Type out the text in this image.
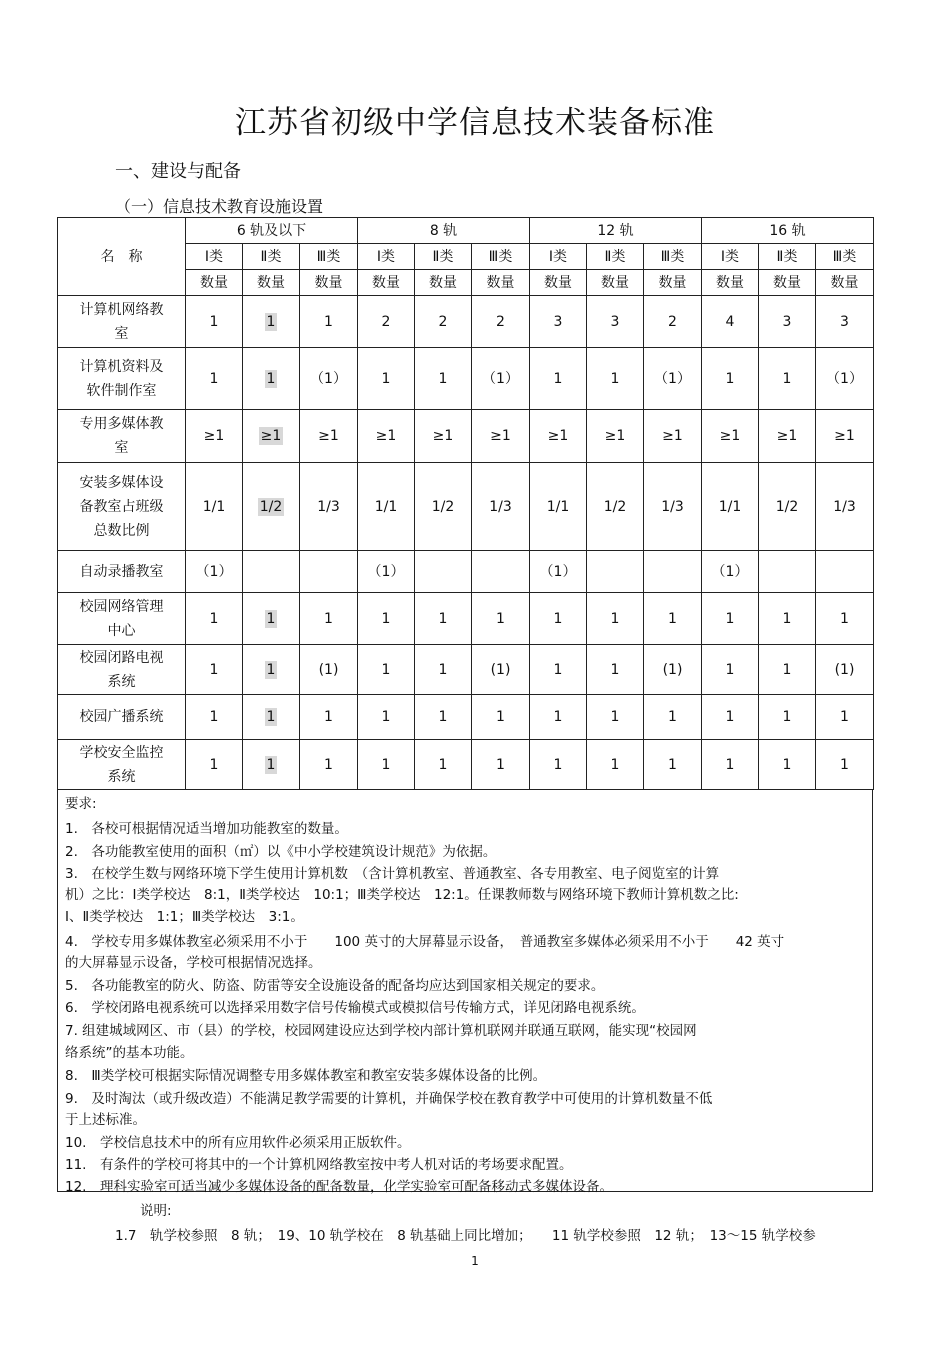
江苏省初级中学信息技术装备标准
一、建设与配备
（一）信息技术教育设施设置
名　称	6 轨及以下			8 轨			12 轨			16 轨		
	Ⅰ类	Ⅱ类	Ⅲ类	Ⅰ类	Ⅱ类	Ⅲ类	Ⅰ类	Ⅱ类	Ⅲ类	Ⅰ类	Ⅱ类	Ⅲ类
	数量	数量	数量	数量	数量	数量	数量	数量	数量	数量	数量	数量

计算机网络教
室	1	1	1	2	2	2	3	3	2	4	3	3

计算机资料及
软件制作室	1	1	（1）	1	1	（1）	1	1	（1）	1	1	（1）

专用多媒体教
室	≥1	≥1	≥1	≥1	≥1	≥1	≥1	≥1	≥1	≥1	≥1	≥1

安装多媒体设
备教室占班级
总数比例	1/1	1/2	1/3	1/1	1/2	1/3	1/1	1/2	1/3	1/1	1/2	1/3

自动录播教室	（1）			（1）			（1）			（1）		

校园网络管理
中心	1	1	1	1	1	1	1	1	1	1	1	1

校园闭路电视
系统	1	1	(1)	1	1	(1)	1	1	(1)	1	1	(1)

校园广播系统	1	1	1	1	1	1	1	1	1	1	1	1

学校安全监控
系统	1	1	1	1	1	1	1	1	1	1	1	1

要求:

1.　各校可根据情况适当增加功能教室的数量。

2.　各功能教室使用的面积（㎡）以《中小学校建筑设计规范》为依据。

3.　在校学生数与网络环境下学生使用计算机数　（含计算机教室、普通教室、各专用教室、电子阅览室的计算

机）之比：Ⅰ类学校达　8:1，Ⅱ类学校达　10:1；Ⅲ类学校达　12:1。任课教师数与网络环境下教师计算机数之比:

Ⅰ、Ⅱ类学校达　1:1；Ⅲ类学校达　3:1。

4.　学校专用多媒体教室必须采用不小于　　100 英寸的大屏幕显示设备，　普通教室多媒体必须采用不小于　　42 英寸

的大屏幕显示设备，学校可根据情况选择。

5.　各功能教室的防火、防盗、防雷等安全设施设备的配备均应达到国家相关规定的要求。

6.　学校闭路电视系统可以选择采用数字信号传输模式或模拟信号传输方式，详见闭路电视系统。

7. 组建城域网区、市（县）的学校，校园网建设应达到学校内部计算机联网并联通互联网，能实现“校园网

络系统”的基本功能。

8.　Ⅲ类学校可根据实际情况调整专用多媒体教室和教室安装多媒体设备的比例。

9.　及时淘汰（或升级改造）不能满足教学需要的计算机，并确保学校在教育教学中可使用的计算机数量不低

于上述标准。

10.　学校信息技术中的所有应用软件必须采用正版软件。

11.　有条件的学校可将其中的一个计算机网络教室按中考人机对话的考场要求配置。

12.　理科实验室可适当减少多媒体设备的配备数量，化学实验室可配备移动式多媒体设备。

说明:
1.7　轨学校参照　8 轨；　19、10 轨学校在　8 轨基础上同比增加；　　11 轨学校参照　12 轨；　13～15 轨学校参
1
